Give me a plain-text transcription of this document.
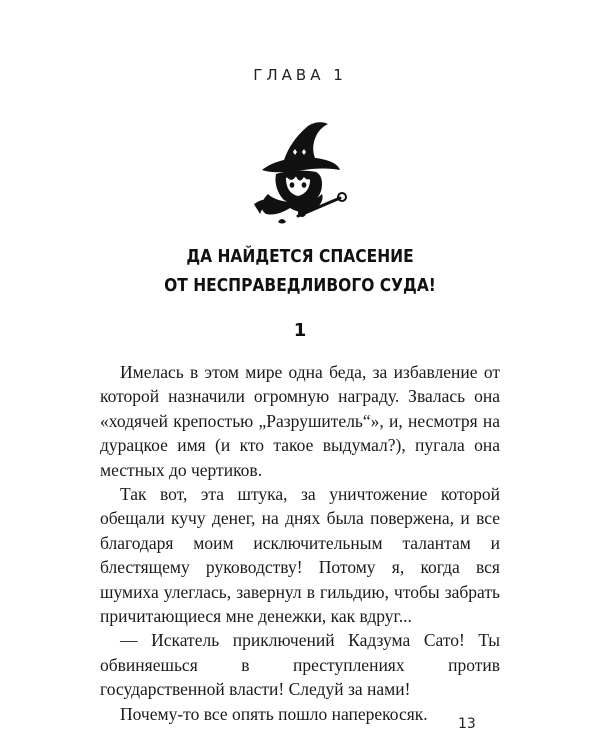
ГЛАВА 1
ДА НАЙДЕТСЯ СПАСЕНИЕ
ОТ НЕСПРАВЕДЛИВОГО СУДА!
1

Имелась в этом мире одна беда, за избавление от которой назначили огромную награду. Звалась она «ходячей крепостью „Разрушитель“», и, несмотря на дурацкое имя (и кто такое выдумал?), пугала она местных до чертиков.

Так вот, эта штука, за уничтожение которой обещали кучу денег, на днях была повержена, и все благодаря моим исключительным талантам и блестящему руководству! Потому я, когда вся шумиха улеглась, завернул в гильдию, чтобы забрать причитающиеся мне денежки, как вдруг...

— Искатель приключений Кадзума Сато! Ты обвиняешься в преступлениях против государственной власти! Следуй за нами!

Почему-то все опять пошло наперекосяк.

13
